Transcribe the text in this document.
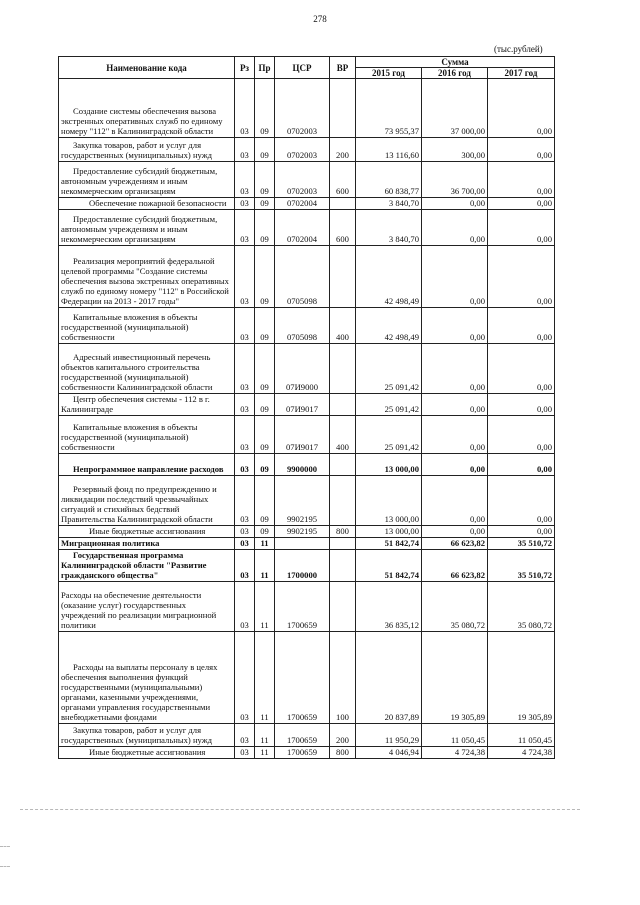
278
(тыс.рублей)
Наименование кода	Рз	Пр	ЦСР	ВР	Сумма		
					2015 год	2016 год	2017 год

Создание системы обеспечения вызова экстренных оперативных служб по единому номеру "112" в Калининградской области	03	09	0702003		73 955,37	37 000,00	0,00

Закупка товаров, работ и услуг для государственных (муниципальных) нужд	03	09	0702003	200	13 116,60	300,00	0,00

Предоставление субсидий бюджетным, автономным учреждениям и иным некоммерческим организациям	03	09	0702003	600	60 838,77	36 700,00	0,00

Обеспечение пожарной безопасности	03	09	0702004		3 840,70	0,00	0,00

Предоставление субсидий бюджетным, автономным учреждениям и иным некоммерческим организациям	03	09	0702004	600	3 840,70	0,00	0,00

Реализация мероприятий федеральной целевой программы "Создание системы обеспечения вызова экстренных оперативных служб по единому номеру "112" в Российской Федерации на 2013 - 2017 годы"	03	09	0705098		42 498,49	0,00	0,00

Капитальные вложения в объекты государственной (муниципальной) собственности	03	09	0705098	400	42 498,49	0,00	0,00

Адресный инвестиционный перечень объектов капитального строительства государственной (муниципальной) собственности Калининградской области	03	09	07И9000		25 091,42	0,00	0,00

Центр обеспечения системы - 112 в г. Калининграде	03	09	07И9017		25 091,42	0,00	0,00

Капитальные вложения в объекты государственной (муниципальной) собственности	03	09	07И9017	400	25 091,42	0,00	0,00

Непрограммное направление расходов	03	09	9900000		13 000,00	0,00	0,00

Резервный фонд по предупреждению и ликвидации последствий чрезвычайных ситуаций и стихийных бедствий Правительства Калининградской области	03	09	9902195		13 000,00	0,00	0,00

Иные бюджетные ассигнования	03	09	9902195	800	13 000,00	0,00	0,00

Миграционная политика	03	11			51 842,74	66 623,82	35 510,72

Государственная программа Калининградской области "Развитие гражданского общества"	03	11	1700000		51 842,74	66 623,82	35 510,72

Расходы на обеспечение деятельности (оказание услуг) государственных учреждений по реализации миграционной политики	03	11	1700659		36 835,12	35 080,72	35 080,72

Расходы на выплаты персоналу в целях обеспечения выполнения функций государственными (муниципальными) органами, казенными учреждениями, органами управления государственными внебюджетными фондами	03	11	1700659	100	20 837,89	19 305,89	19 305,89

Закупка товаров, работ и услуг для государственных (муниципальных) нужд	03	11	1700659	200	11 950,29	11 050,45	11 050,45

Иные бюджетные ассигнования	03	11	1700659	800	4 046,94	4 724,38	4 724,38
